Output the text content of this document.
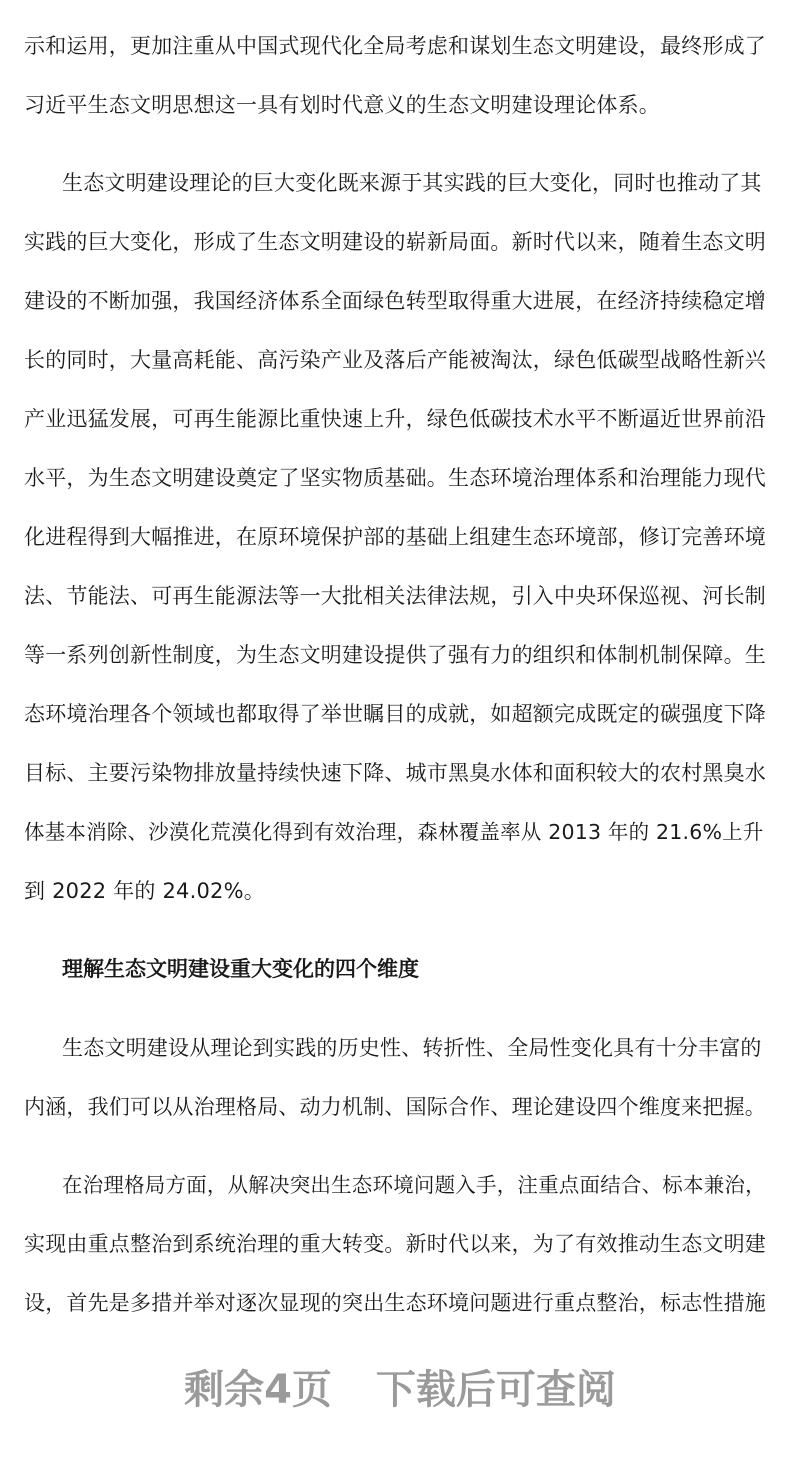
示和运用，更加注重从中国式现代化全局考虑和谋划生态文明建设，最终形成了
习近平生态文明思想这一具有划时代意义的生态文明建设理论体系。
生态文明建设理论的巨大变化既来源于其实践的巨大变化，同时也推动了其
实践的巨大变化，形成了生态文明建设的崭新局面。新时代以来，随着生态文明
建设的不断加强，我国经济体系全面绿色转型取得重大进展，在经济持续稳定增
长的同时，大量高耗能、高污染产业及落后产能被淘汰，绿色低碳型战略性新兴
产业迅猛发展，可再生能源比重快速上升，绿色低碳技术水平不断逼近世界前沿
水平，为生态文明建设奠定了坚实物质基础。生态环境治理体系和治理能力现代
化进程得到大幅推进，在原环境保护部的基础上组建生态环境部，修订完善环境
法、节能法、可再生能源法等一大批相关法律法规，引入中央环保巡视、河长制
等一系列创新性制度，为生态文明建设提供了强有力的组织和体制机制保障。生
态环境治理各个领域也都取得了举世瞩目的成就，如超额完成既定的碳强度下降
目标、主要污染物排放量持续快速下降、城市黑臭水体和面积较大的农村黑臭水
体基本消除、沙漠化荒漠化得到有效治理，森林覆盖率从 2013 年的 21.6%上升
到 2022 年的 24.02%。
理解生态文明建设重大变化的四个维度
生态文明建设从理论到实践的历史性、转折性、全局性变化具有十分丰富的
内涵，我们可以从治理格局、动力机制、国际合作、理论建设四个维度来把握。
在治理格局方面，从解决突出生态环境问题入手，注重点面结合、标本兼治，
实现由重点整治到系统治理的重大转变。新时代以来，为了有效推动生态文明建
设，首先是多措并举对逐次显现的突出生态环境问题进行重点整治，标志性措施
剩余4页 下载后可查阅
